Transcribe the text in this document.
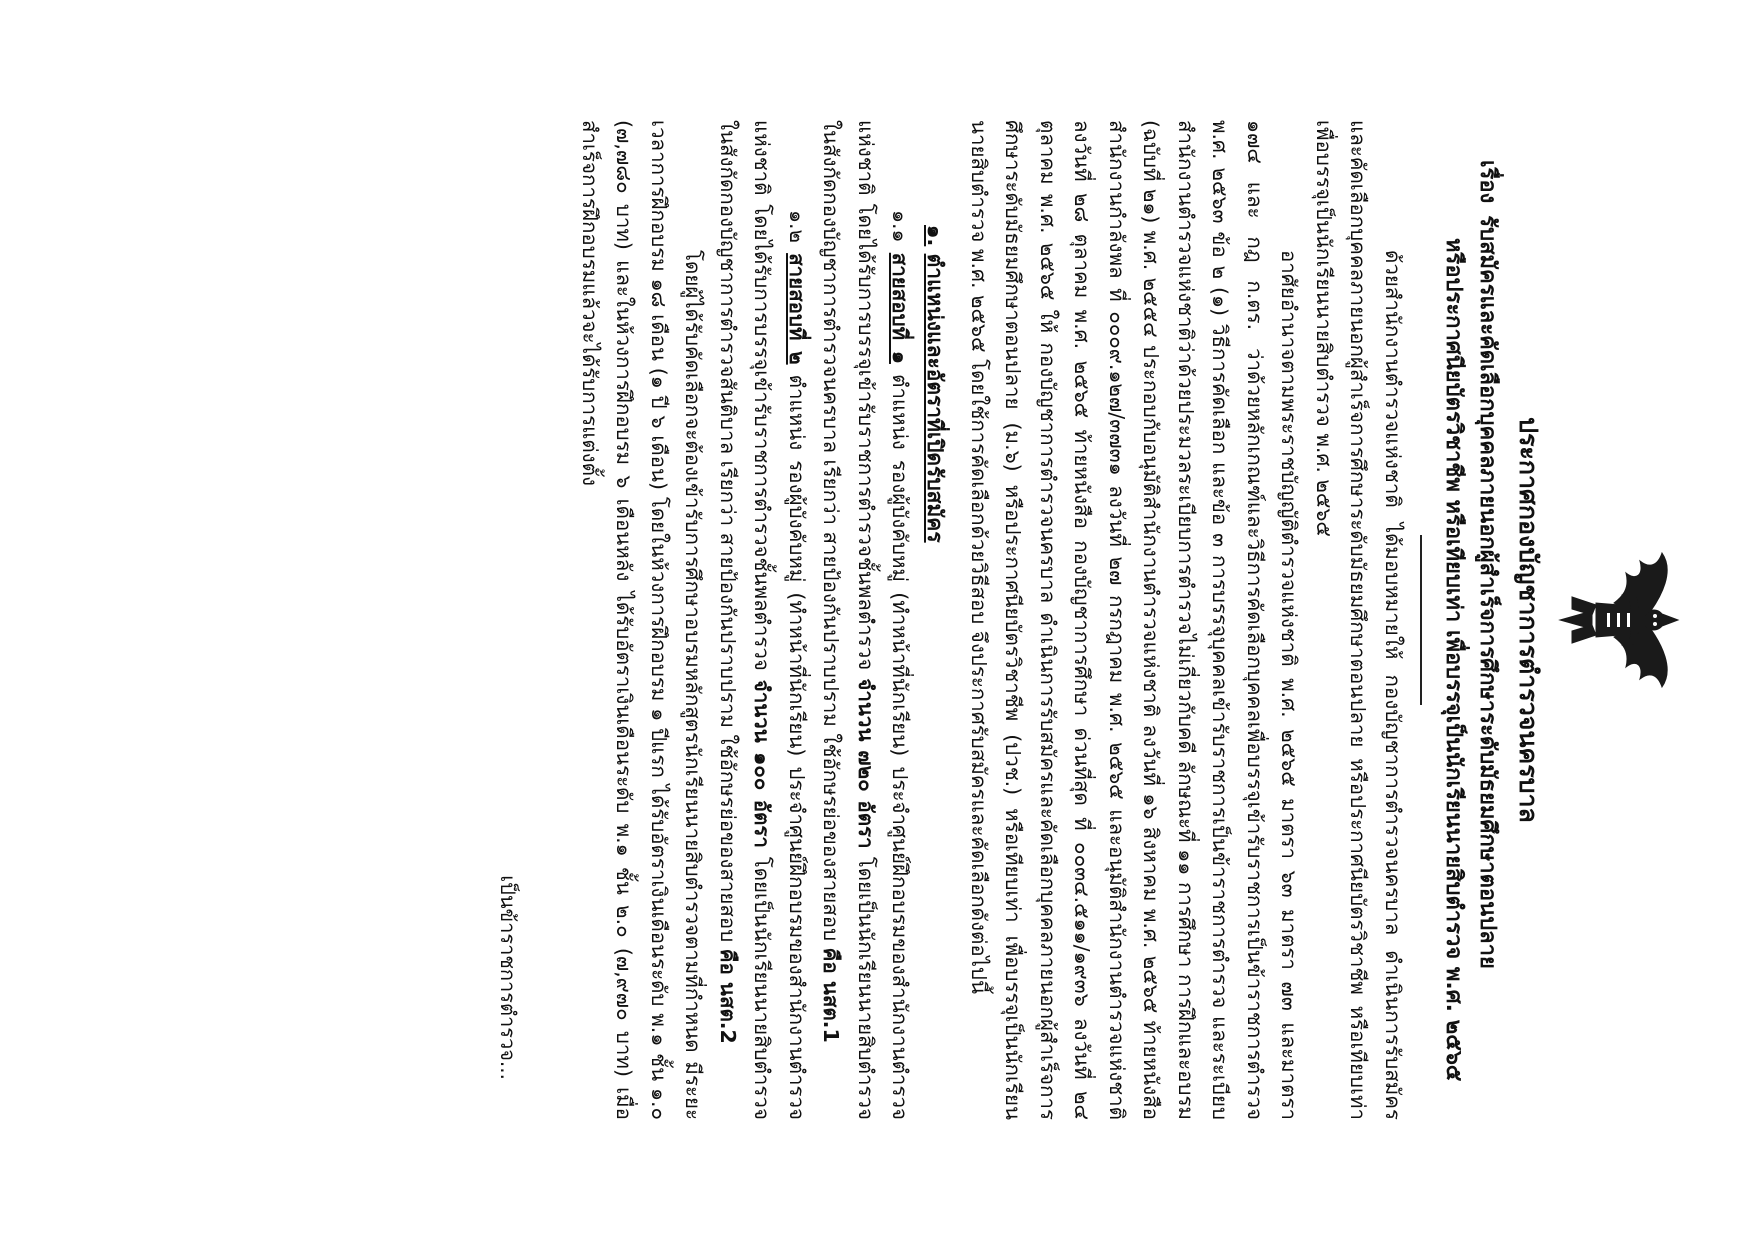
ประกาศกองบัญชาการตำรวจนครบาล
เรื่องรับสมัครและคัดเลือกบุคคลภายนอกผู้สำเร็จการศึกษาระดับมัธยมศึกษาตอนปลาย
หรือประกาศนียบัตรวิชาชีพ หรือเทียบเท่า เพื่อบรรจุเป็นนักเรียนนายสิบตำรวจ พ.ศ. ๒๕๖๕

ด้วยสำนักงานตำรวจแห่งชาติ ได้มอบหมายให้ กองบัญชาการตำรวจนครบาล ดำเนินการรับสมัครและคัดเลือกบุคคลภายนอกผู้สำเร็จการศึกษาระดับมัธยมศึกษาตอนปลาย หรือประกาศนียบัตรวิชาชีพ หรือเทียบเท่า เพื่อบรรจุเป็นนักเรียนนายสิบตำรวจ พ.ศ. ๒๕๖๕

อาศัยอำนาจตามพระราชบัญญัติตำรวจแห่งชาติ พ.ศ. ๒๕๖๕ มาตรา ๖๓ มาตรา ๗๓ และมาตรา ๑๗๔ และ กฎ ก.ตร. ว่าด้วยหลักเกณฑ์และวิธีการคัดเลือกบุคคลเพื่อบรรจุเข้ารับราชการเป็นข้าราชการตำรวจ พ.ศ. ๒๕๖๓ ข้อ ๒ (๑) วิธีการคัดเลือก และข้อ ๓ การบรรจุบุคคลเข้ารับราชการเป็นข้าราชการตำรวจ และระเบียบสำนักงานตำรวจแห่งชาติว่าด้วยประมวลระเบียบการตำรวจไม่เกี่ยวกับคดี ลักษณะที่ ๑๑ การศึกษา การฝึกและอบรม (ฉบับที่ ๒๑) พ.ศ. ๒๕๕๔ ประกอบกับอนุมัติสำนักงานตำรวจแห่งชาติ ลงวันที่ ๑๖ สิงหาคม พ.ศ. ๒๕๖๕ ท้ายหนังสือ สำนักงานกำลังพล ที่ ๐๐๐๙.๑๒๗/๓๗๓๑ ลงวันที่ ๒๗ กรกฎาคม พ.ศ. ๒๕๖๕ และอนุมัติสำนักงานตำรวจแห่งชาติ ลงวันที่ ๒๘ ตุลาคม พ.ศ. ๒๕๖๕ ท้ายหนังสือ กองบัญชาการศึกษา ด่วนที่สุด ที่ ๐๐๓๔.๕๑๑/๑๙๓๖ ลงวันที่ ๒๔ ตุลาคม พ.ศ. ๒๕๖๕ ให้ กองบัญชาการตำรวจนครบาล ดำเนินการรับสมัครและคัดเลือกบุคคลภายนอกผู้สำเร็จการศึกษาระดับมัธยมศึกษาตอนปลาย (ม.๖) หรือประกาศนียบัตรวิชาชีพ (ปวช.) หรือเทียบเท่า เพื่อบรรจุเป็นนักเรียนนายสิบตำรวจ พ.ศ. ๒๕๖๕ โดยใช้การคัดเลือกด้วยวิธีสอบ จึงประกาศรับสมัครและคัดเลือกดังต่อไปนี้

๑. ตำแหน่งและอัตราที่เปิดรับสมัคร

๑.๑ สายสอบที่ ๑ ตำแหน่ง รองผู้บังคับหมู่ (ทำหน้าที่นักเรียน) ประจำศูนย์ฝึกอบรมของสำนักงานตำรวจแห่งชาติ โดยได้รับการบรรจุเข้ารับราชการตำรวจชั้นพลตำรวจ จำนวน ๗๒๐ อัตรา โดยเป็นนักเรียนนายสิบตำรวจ ในสังกัดกองบัญชาการตำรวจนครบาล เรียกว่า สายป้องกันปราบปราม ใช้อักษรย่อของสายสอบ คือ นสต.1

๑.๒ สายสอบที่ ๒ ตำแหน่ง รองผู้บังคับหมู่ (ทำหน้าที่นักเรียน) ประจำศูนย์ฝึกอบรมของสำนักงานตำรวจแห่งชาติ โดยได้รับการบรรจุเข้ารับราชการตำรวจชั้นพลตำรวจ จำนวน ๑๐๐ อัตรา โดยเป็นนักเรียนนายสิบตำรวจ ในสังกัดกองบัญชาการตำรวจสันติบาล เรียกว่า สายป้องกันปราบปราม ใช้อักษรย่อของสายสอบ คือ นสต.2

โดยผู้ได้รับคัดเลือกจะต้องเข้ารับการศึกษาอบรมหลักสูตรนักเรียนนายสิบตำรวจตามที่กำหนด มีระยะเวลาการฝึกอบรม ๑๘ เดือน (๑ ปี ๖ เดือน) โดยในห้วงการฝึกอบรม ๑ ปีแรก ได้รับอัตราเงินเดือนระดับ พ.๑ ชั้น ๑.๐ (๗,๗๘๐ บาท) และในห้วงการฝึกอบรม ๖ เดือนหลัง ได้รับอัตราเงินเดือนระดับ พ.๑ ชั้น ๒.๐ (๗,๙๗๐ บาท) เมื่อสำเร็จการฝึกอบรมแล้วจะได้รับการแต่งตั้ง

เป็นข้าราชการตำรวจ...
